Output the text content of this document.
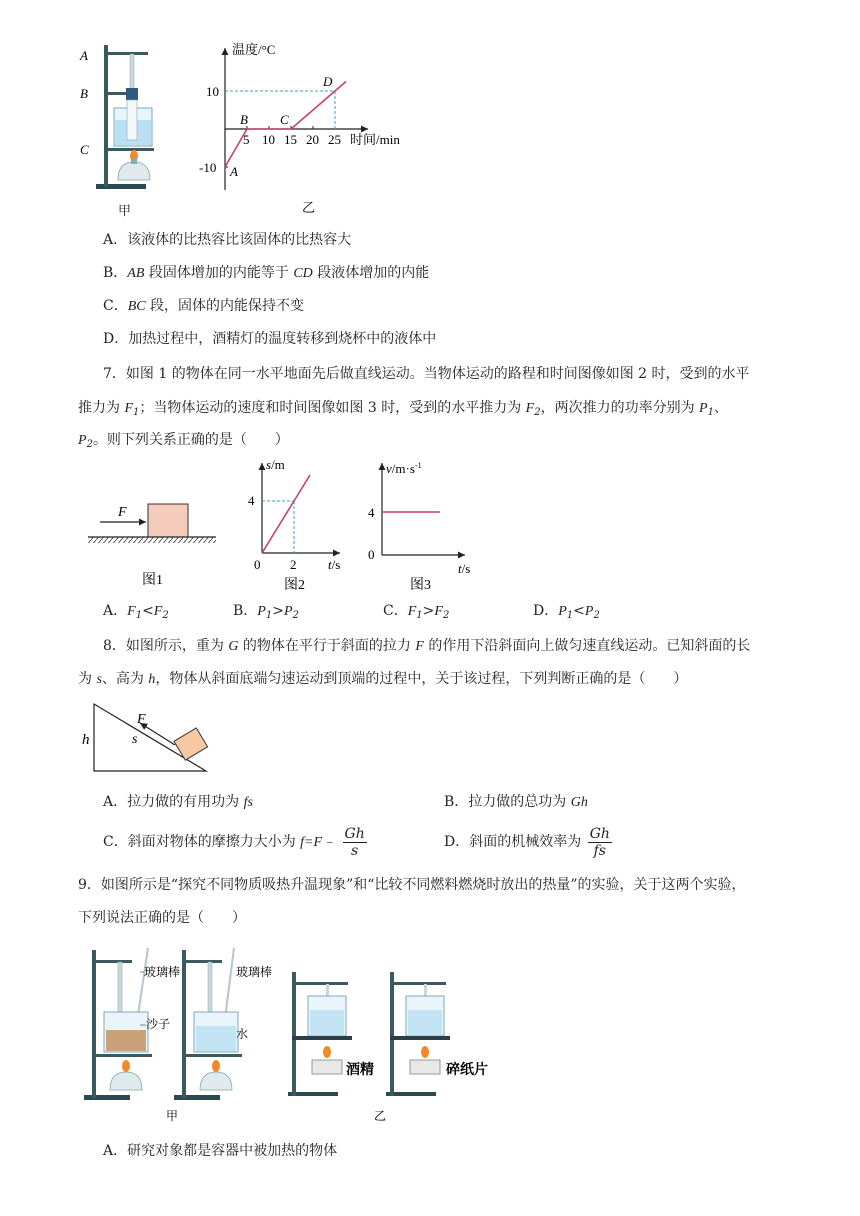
A
B
C
甲
温度/°C
时间/min
10
-10
5 10 15 20 25
A
B C
D
乙
A．该液体的比热容比该固体的比热容大
B．AB 段固体增加的内能等于 CD 段液体增加的内能
C．BC 段，固体的内能保持不变
D．加热过程中，酒精灯的温度转移到烧杯中的液体中
7．如图 1 的物体在同一水平地面先后做直线运动。当物体运动的路程和时间图像如图 2 时，受到的水平
推力为 $F_1$；当物体运动的速度和时间图像如图 3 时，受到的水平推力为 $F_2$，两次推力的功率分别为 $P_1$、
$P_2$。则下列关系正确的是（　　）
F
图1
s/m
t/s
4
2
0
图2
$v/m\cdot s^{-1}$
t/s
4
0
图3
A．$F_1<F_2$	B．$P_1>P_2$	C．$F_1>F_2$	D．$P_1<P_2$
8．如图所示，重为 G 的物体在平行于斜面的拉力 F 的作用下沿斜面向上做匀速直线运动。已知斜面的长
为 s、高为 h，物体从斜面底端匀速运动到顶端的过程中，关于该过程，下列判断正确的是（　　）
h	s
F
A．拉力做的有用功为 fs	B．拉力做的总功为 Gh
C．斜面对物体的摩擦力大小为 f=F﹣ $\frac{Gh}{s}$	D．斜面的机械效率为 $\frac{Gh}{fs}$
9．如图所示是“探究不同物质吸热升温现象”和“比较不同燃料燃烧时放出的热量”的实验，关于这两个实验，
下列说法正确的是（　　）
玻璃棒
沙子
玻璃棒
水
酒精	碎纸片
甲	乙
A．研究对象都是容器中被加热的物体
